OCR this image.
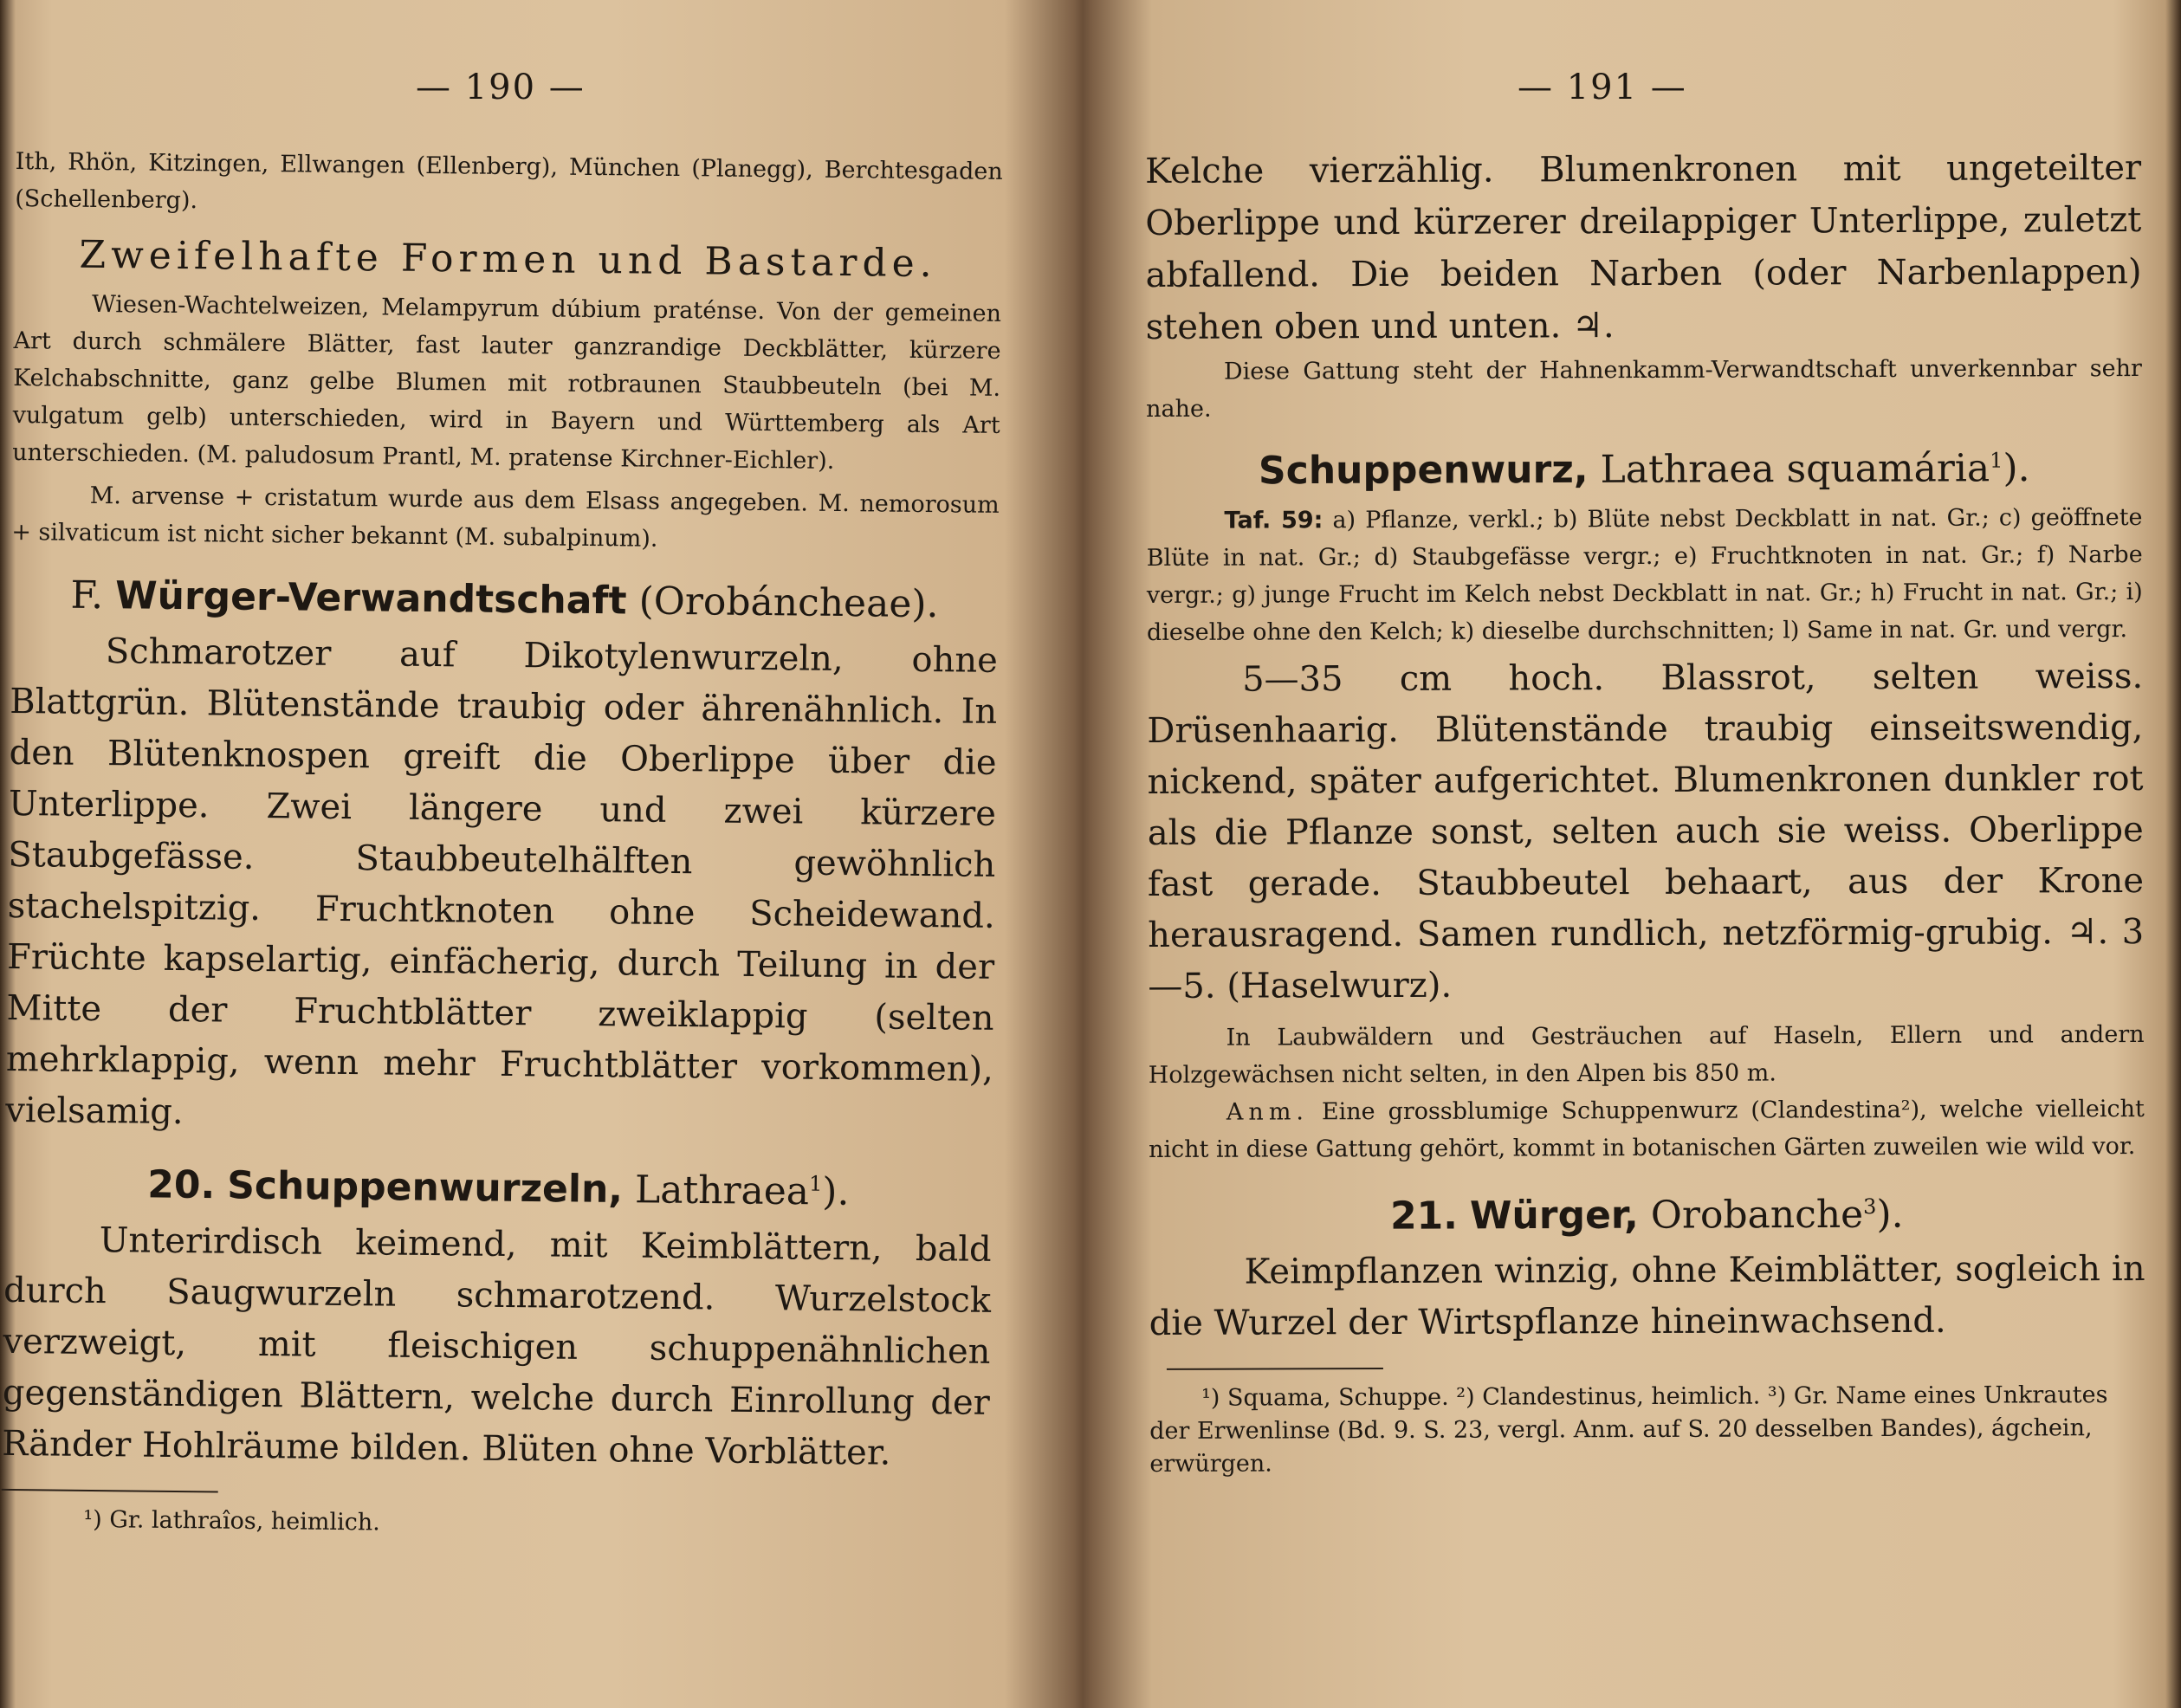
— 190 —

Ith, Rhön, Kitzingen, Ellwangen (Ellenberg), München (Planegg), Berchtesgaden (Schellenberg).

Zweifelhafte Formen und Bastarde.

Wiesen-Wachtelweizen, Melampyrum dúbium praténse. Von der gemeinen Art durch schmälere Blätter, fast lauter ganzrandige Deckblätter, kürzere Kelchabschnitte, ganz gelbe Blumen mit rotbraunen Staubbeuteln (bei M. vulgatum gelb) unterschieden, wird in Bayern und Württemberg als Art unterschieden. (M. paludosum Prantl, M. pratense Kirchner-Eichler).

M. arvense + cristatum wurde aus dem Elsass angegeben. M. nemorosum + silvaticum ist nicht sicher bekannt (M. subalpinum).

F. Würger-Verwandtschaft (Orobáncheae).

Schmarotzer auf Dikotylenwurzeln, ohne Blattgrün. Blütenstände traubig oder ährenähnlich. In den Blütenknospen greift die Oberlippe über die Unterlippe. Zwei längere und zwei kürzere Staubgefässe. Staubbeutelhälften gewöhnlich stachelspitzig. Fruchtknoten ohne Scheidewand. Früchte kapselartig, einfächerig, durch Teilung in der Mitte der Fruchtblätter zweiklappig (selten mehrklappig, wenn mehr Fruchtblätter vorkommen), vielsamig.

20. Schuppenwurzeln, Lathraea$^1$).

Unterirdisch keimend, mit Keimblättern, bald durch Saugwurzeln schmarotzend. Wurzelstock verzweigt, mit fleischigen schuppenähnlichen gegenständigen Blättern, welche durch Einrollung der Ränder Hohlräume bilden. Blüten ohne Vorblätter.

¹) Gr. lathraîos, heimlich.

— 191 —

Kelche vierzählig. Blumenkronen mit ungeteilter Oberlippe und kürzerer dreilappiger Unterlippe, zuletzt abfallend. Die beiden Narben (oder Narbenlappen) stehen oben und unten. ♃.

Diese Gattung steht der Hahnenkamm-Verwandtschaft unverkennbar sehr nahe.

Schuppenwurz, Lathraea squamária$^1$).

Taf. 59: a) Pflanze, verkl.; b) Blüte nebst Deckblatt in nat. Gr.; c) geöffnete Blüte in nat. Gr.; d) Staubgefässe vergr.; e) Fruchtknoten in nat. Gr.; f) Narbe vergr.; g) junge Frucht im Kelch nebst Deckblatt in nat. Gr.; h) Frucht in nat. Gr.; i) dieselbe ohne den Kelch; k) dieselbe durchschnitten; l) Same in nat. Gr. und vergr.

5—35 cm hoch. Blassrot, selten weiss. Drüsenhaarig. Blütenstände traubig einseitswendig, nickend, später aufgerichtet. Blumenkronen dunkler rot als die Pflanze sonst, selten auch sie weiss. Oberlippe fast gerade. Staubbeutel behaart, aus der Krone herausragend. Samen rundlich, netzförmig-grubig. ♃. 3—5. (Haselwurz).

In Laubwäldern und Gesträuchen auf Haseln, Ellern und andern Holzgewächsen nicht selten, in den Alpen bis 850 m.

Anm. Eine grossblumige Schuppenwurz (Clandestina²), welche vielleicht nicht in diese Gattung gehört, kommt in botanischen Gärten zuweilen wie wild vor.

21. Würger, Orobanche$^3$).

Keimpflanzen winzig, ohne Keimblätter, sogleich in die Wurzel der Wirtspflanze hineinwachsend.

¹) Squama, Schuppe. ²) Clandestinus, heimlich. ³) Gr. Name eines Unkrautes der Erwenlinse (Bd. 9. S. 23, vergl. Anm. auf S. 20 desselben Bandes), ágchein, erwürgen.
